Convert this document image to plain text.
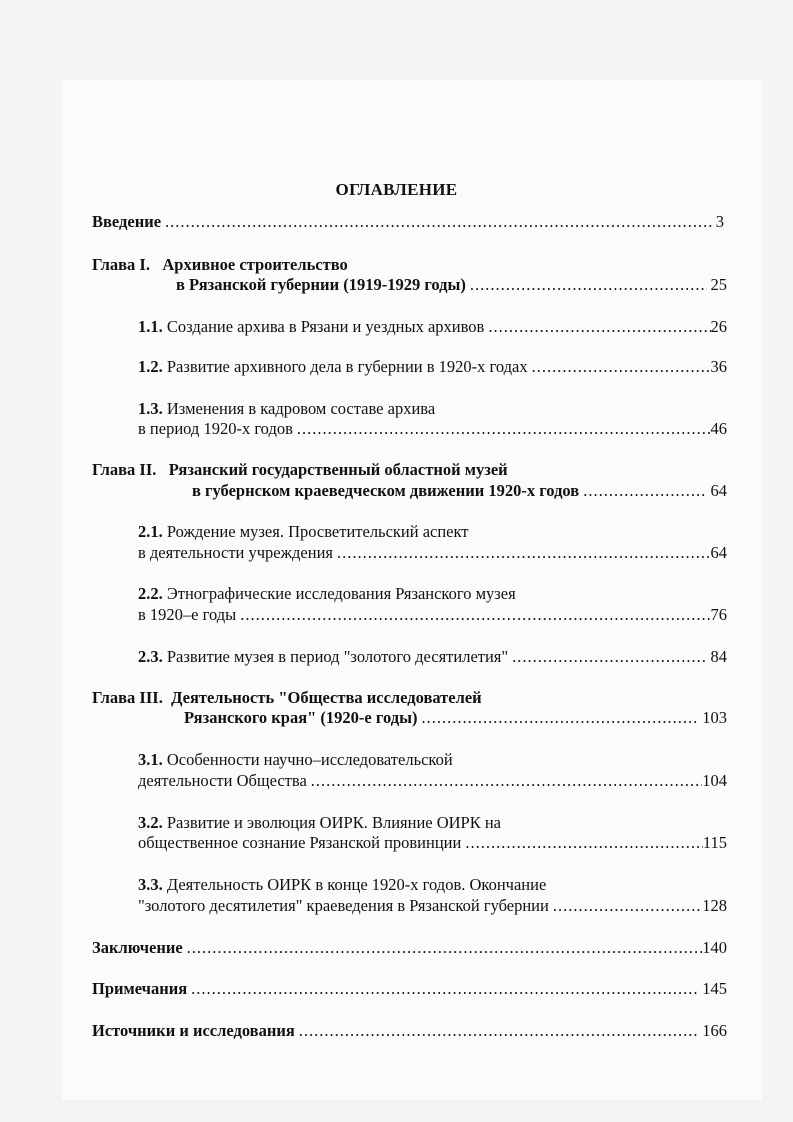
ОГЛАВЛЕНИЕ
Введение .....	3
Глава I. Архивное строительство
в Рязанской губернии (1919-1929 годы) .....	25
1.1. Создание архива в Рязани и уездных архивов .....	26
1.2. Развитие архивного дела в губернии в 1920-х годах .....	36
1.3. Изменения в кадровом составе архива
в период 1920-х годов .....	46
Глава II. Рязанский государственный областной музей
в губернском краеведческом движении 1920-х годов .....	64
2.1. Рождение музея. Просветительский аспект
в деятельности учреждения .....	64
2.2. Этнографические исследования Рязанского музея
в 1920–е годы .....	76
2.3. Развитие музея в период "золотого десятилетия" .....	84
Глава III. Деятельность "Общества исследователей
Рязанского края" (1920-е годы) .....	103
3.1. Особенности научно–исследовательской
деятельности Общества .....	104
3.2. Развитие и эволюция ОИРК. Влияние ОИРК на
общественное сознание Рязанской провинции .....	115
3.3. Деятельность ОИРК в конце 1920-х годов. Окончание
"золотого десятилетия" краеведения в Рязанской губернии .....	128
Заключение .....	140
Примечания .....	145
Источники и исследования .....	166
